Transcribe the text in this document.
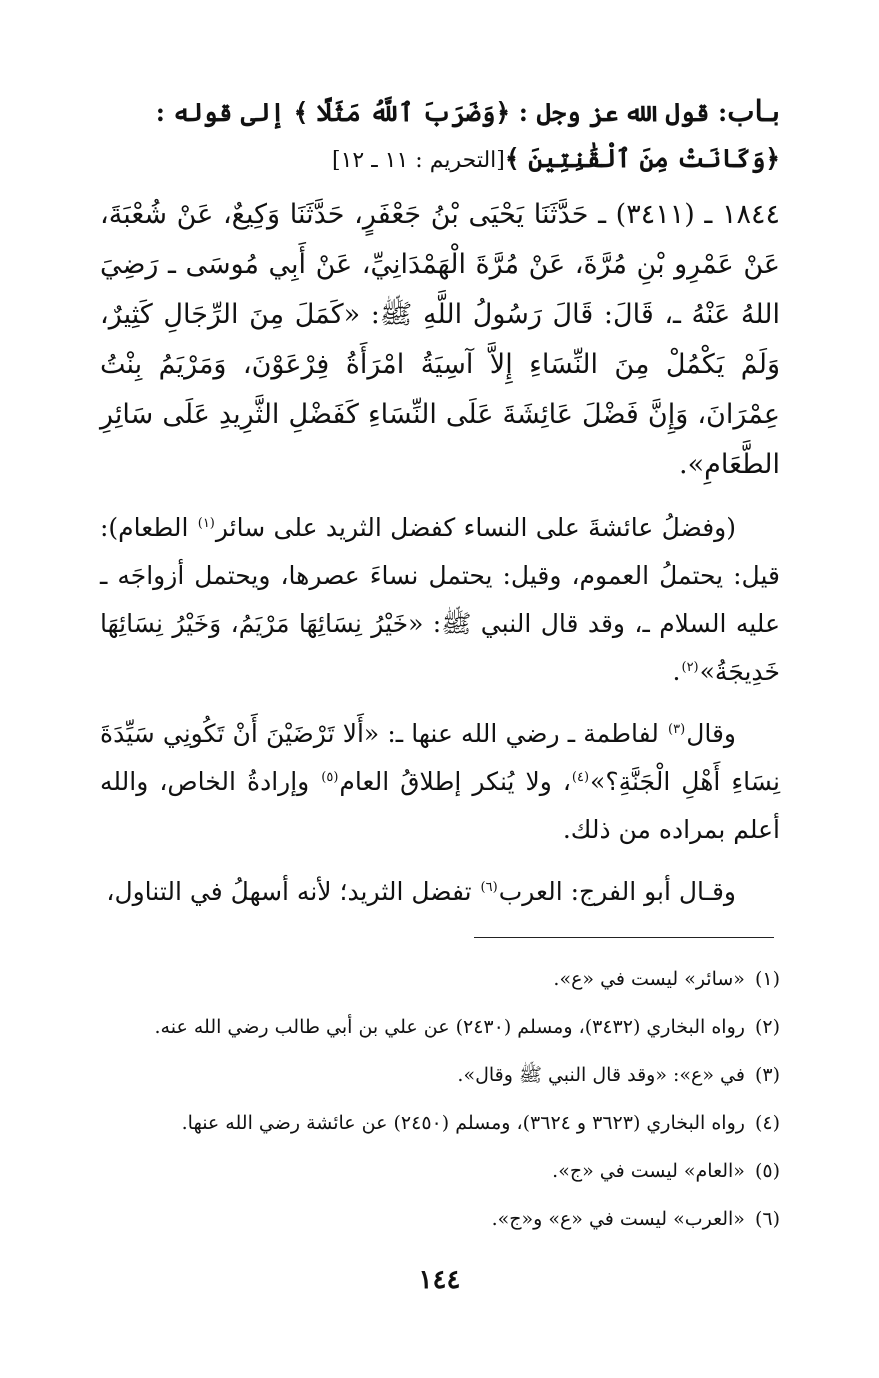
بـاب: قول الله عز وجل : ﴿وَضَرَبَ ٱللَّهُ مَثَلًا ﴾ إلى قوله : ﴿وَكَانَتْ مِنَ ٱلْقَٰنِتِينَ ﴾[التحريم : ١١ ـ ١٢]

١٨٤٤ ـ (٣٤١١) ـ حَدَّثَنَا يَحْيَى بْنُ جَعْفَرٍ، حَدَّثَنَا وَكِيعٌ، عَنْ شُعْبَةَ، عَنْ عَمْرِو بْنِ مُرَّةَ، عَنْ مُرَّةَ الْهَمْدَانِيِّ، عَنْ أَبِي مُوسَى ـ رَضِيَ اللهُ عَنْهُ ـ، قَالَ: قَالَ رَسُولُ اللَّهِ ﷺ: «كَمَلَ مِنَ الرِّجَالِ كَثِيرٌ، وَلَمْ يَكْمُلْ مِنَ النِّسَاءِ إِلاَّ آسِيَةُ امْرَأَةُ فِرْعَوْنَ، وَمَرْيَمُ بِنْتُ عِمْرَانَ، وَإِنَّ فَضْلَ عَائِشَةَ عَلَى النِّسَاءِ كَفَضْلِ الثَّرِيدِ عَلَى سَائِرِ الطَّعَامِ».

(وفضلُ عائشةَ على النساء كفضل الثريد على سائر$^{(١)}$ الطعام): قيل: يحتملُ العموم، وقيل: يحتمل نساءَ عصرها، ويحتمل أزواجَه ـ عليه السلام ـ، وقد قال النبي ﷺ: «خَيْرُ نِسَائِهَا مَرْيَمُ، وَخَيْرُ نِسَائِهَا خَدِيجَةُ»$^{(٢)}$.

وقال$^{(٣)}$ لفاطمة ـ رضي الله عنها ـ: «أَلا تَرْضَيْنَ أَنْ تَكُونِي سَيِّدَةَ نِسَاءِ أَهْلِ الْجَنَّةِ؟»$^{(٤)}$، ولا يُنكر إطلاقُ العام$^{(٥)}$ وإرادةُ الخاص، والله أعلم بمراده من ذلك.

وقـال أبو الفرج: العرب$^{(٦)}$ تفضل الثريد؛ لأنه أسهلُ في التناول،

(١)
«سائر» ليست في «ع».
(٢)
رواه البخاري (٣٤٣٢)، ومسلم (٢٤٣٠) عن علي بن أبي طالب رضي الله عنه.
(٣)
في «ع»: «وقد قال النبي ﷺ وقال».
(٤)
رواه البخاري (٣٦٢٣ و ٣٦٢٤)، ومسلم (٢٤٥٠) عن عائشة رضي الله عنها.
(٥)
«العام» ليست في «ج».
(٦)
«العرب» ليست في «ع» و«ج».
١٤٤
